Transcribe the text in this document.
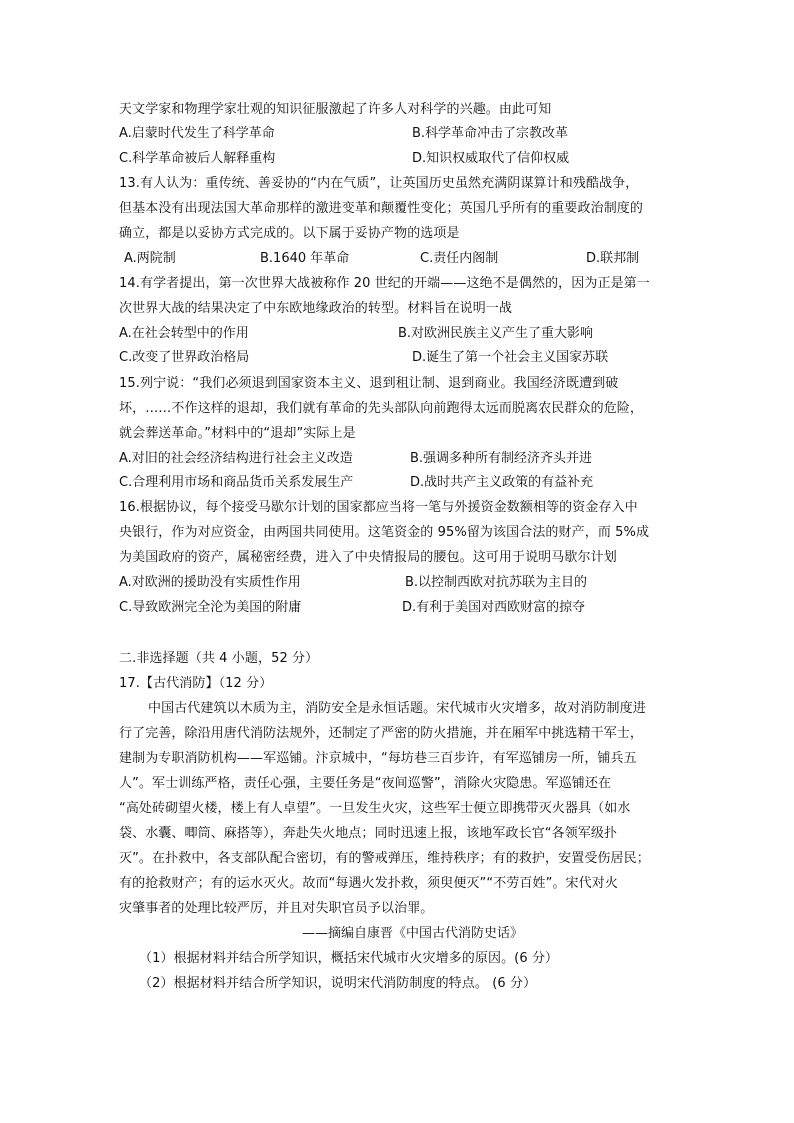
天文学家和物理学家壮观的知识征服激起了许多人对科学的兴趣。由此可知
A.启蒙时代发生了科学革命	B.科学革命冲击了宗教改革
C.科学革命被后人解释重构	D.知识权威取代了信仰权威
13.有人认为：重传统、善妥协的“内在气质”，让英国历史虽然充满阴谋算计和残酷战争，
但基本没有出现法国大革命那样的激进变革和颠覆性变化；英国几乎所有的重要政治制度的
确立，都是以妥协方式完成的。以下属于妥协产物的选项是
A.两院制	B.1640 年革命	C.责任内阁制	D.联邦制
14.有学者提出，第一次世界大战被称作 20 世纪的开端——这绝不是偶然的，因为正是第一
次世界大战的结果决定了中东欧地缘政治的转型。材料旨在说明一战
A.在社会转型中的作用	B.对欧洲民族主义产生了重大影响
C.改变了世界政治格局	D.诞生了第一个社会主义国家苏联
15.列宁说：“我们必须退到国家资本主义、退到租让制、退到商业。我国经济既遭到破
坏，……不作这样的退却，我们就有革命的先头部队向前跑得太远而脱离农民群众的危险，
就会葬送革命。”材料中的“退却”实际上是
A.对旧的社会经济结构进行社会主义改造	B.强调多种所有制经济齐头并进
C.合理利用市场和商品货币关系发展生产	D.战时共产主义政策的有益补充
16.根据协议，每个接受马歇尔计划的国家都应当将一笔与外援资金数额相等的资金存入中
央银行，作为对应资金，由两国共同使用。这笔资金的 95%留为该国合法的财产，而 5%成
为美国政府的资产，属秘密经费，进入了中央情报局的腰包。这可用于说明马歇尔计划
A.对欧洲的援助没有实质性作用	B.以控制西欧对抗苏联为主目的
C.导致欧洲完全沦为美国的附庸	D.有利于美国对西欧财富的掠夺
二.非选择题（共 4 小题，52 分）
17.【古代消防】（12 分）
中国古代建筑以木质为主，消防安全是永恒话题。宋代城市火灾增多，故对消防制度进
行了完善，除沿用唐代消防法规外，还制定了严密的防火措施，并在厢军中挑选精干军士，
建制为专职消防机构——军巡铺。汴京城中，“每坊巷三百步许，有军巡铺房一所，铺兵五
人”。军士训练严格，责任心强，主要任务是“夜间巡警”，消除火灾隐患。军巡铺还在
“高处砖砌望火楼，楼上有人卓望”。一旦发生火灾，这些军士便立即携带灭火器具（如水
袋、水囊、唧筒、麻搭等），奔赴失火地点；同时迅速上报，该地军政长官“各领军级扑
灭”。在扑救中，各支部队配合密切，有的警戒弹压，维持秩序；有的救护，安置受伤居民；
有的抢救财产；有的运水灭火。故而“每遇火发扑救，须臾便灭”“不劳百姓”。宋代对火
灾肇事者的处理比较严厉，并且对失职官员予以治罪。
——摘编自康晋《中国古代消防史话》
（1）根据材料并结合所学知识，概括宋代城市火灾增多的原因。(6 分）
（2）根据材料并结合所学知识，说明宋代消防制度的特点。 (6 分）
